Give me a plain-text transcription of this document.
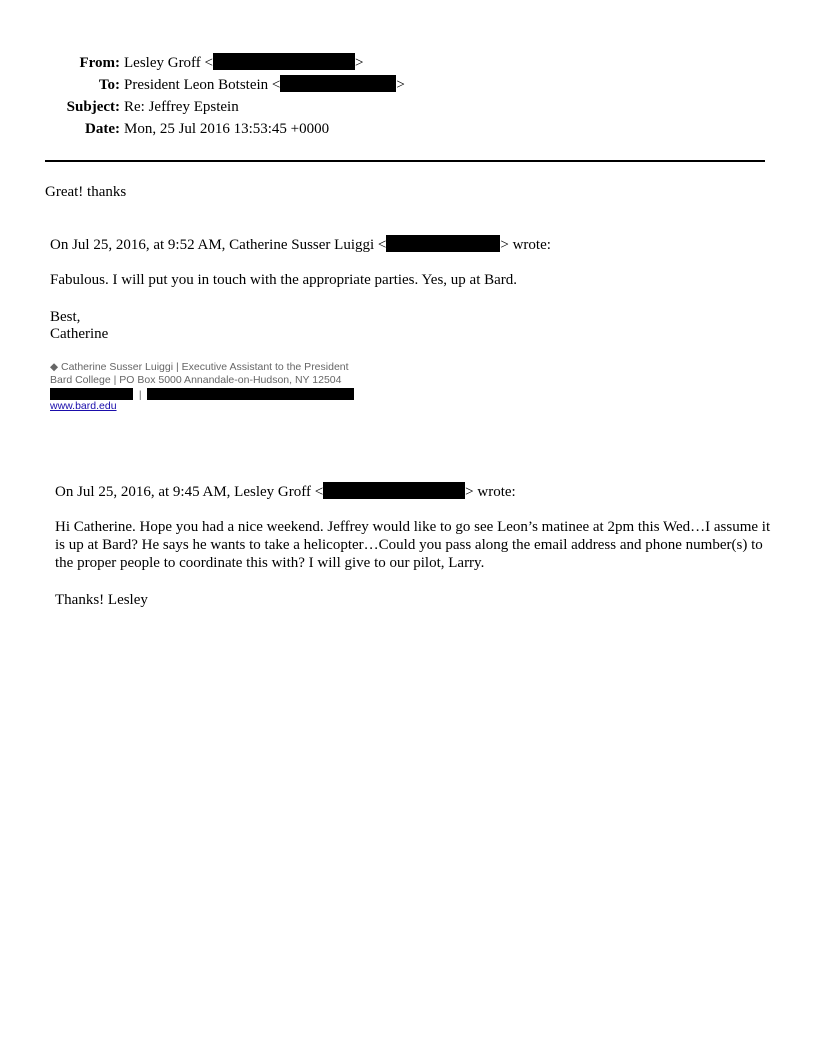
From: Lesley Groff <	>
To: President Leon Botstein <	>
Subject: Re: Jeffrey Epstein
Date: Mon, 25 Jul 2016 13:53:45 +0000
Great! thanks
On Jul 25, 2016, at 9:52 AM, Catherine Susser Luiggi <	> wrote:
Fabulous. I will put you in touch with the appropriate parties. Yes, up at Bard.
Best,
Catherine
◆ Catherine Susser Luiggi | Executive Assistant to the President
Bard College | PO Box 5000 Annandale-on-Hudson, NY 12504
|
www.bard.edu
On Jul 25, 2016, at 9:45 AM, Lesley Groff <	> wrote:
Hi Catherine. Hope you had a nice weekend. Jeffrey would like to go see Leon’s matinee at 2pm this Wed…I assume it is up at Bard? He says he wants to take a helicopter…Could you pass along the email address and phone number(s) to the proper people to coordinate this with? I will give to our pilot, Larry.
Thanks! Lesley
